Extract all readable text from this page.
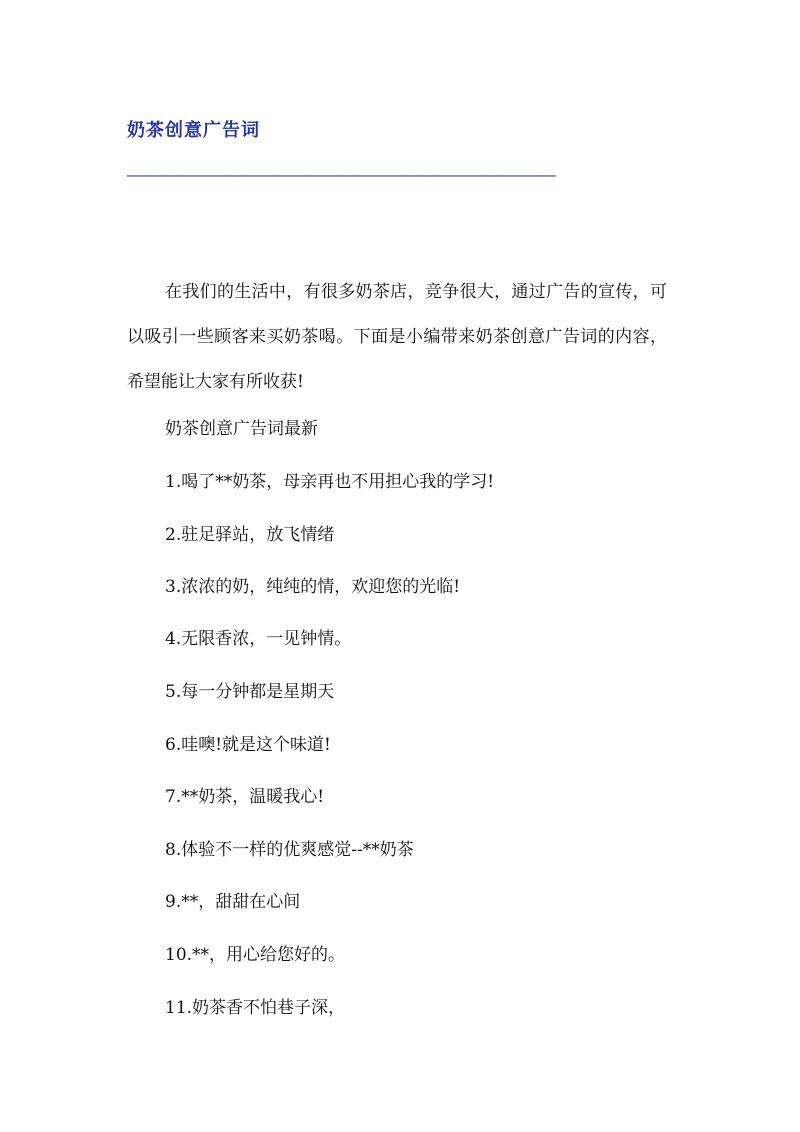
奶茶创意广告词
————————————————————————————————————————————————
在我们的生活中，有很多奶茶店，竞争很大，通过广告的宣传，可以吸引一些顾客来买奶茶喝。下面是小编带来奶茶创意广告词的内容，希望能让大家有所收获!
奶茶创意广告词最新
1.喝了**奶茶，母亲再也不用担心我的学习!
2.驻足驿站，放飞情绪
3.浓浓的奶，纯纯的情，欢迎您的光临!
4.无限香浓，一见钟情。
5.每一分钟都是星期天
6.哇噢!就是这个味道!
7.**奶茶，温暖我心!
8.体验不一样的优爽感觉--**奶茶
9.**，甜甜在心间
10.**，用心给您好的。
11.奶茶香不怕巷子深，
